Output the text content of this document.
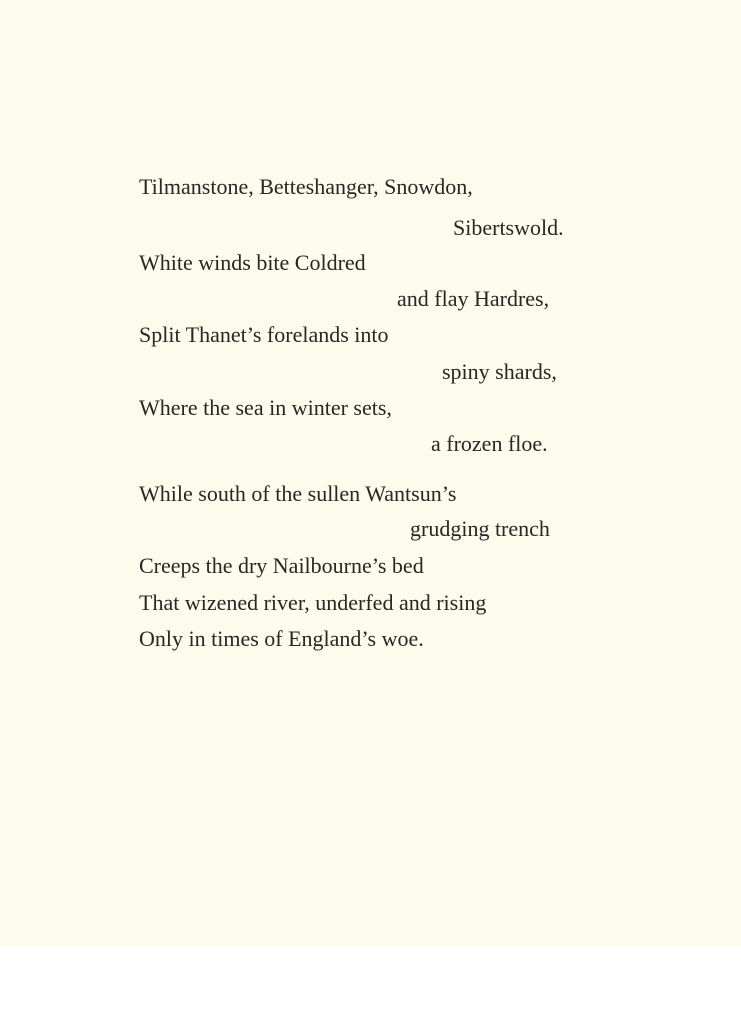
Tilmanstone, Betteshanger, Snowdon,
Sibertswold.
White winds bite Coldred
and flay Hardres,
Split Thanet’s forelands into
spiny shards,
Where the sea in winter sets,
a frozen floe.
While south of the sullen Wantsun’s
grudging trench
Creeps the dry Nailbourne’s bed
That wizened river, underfed and rising
Only in times of England’s woe.
